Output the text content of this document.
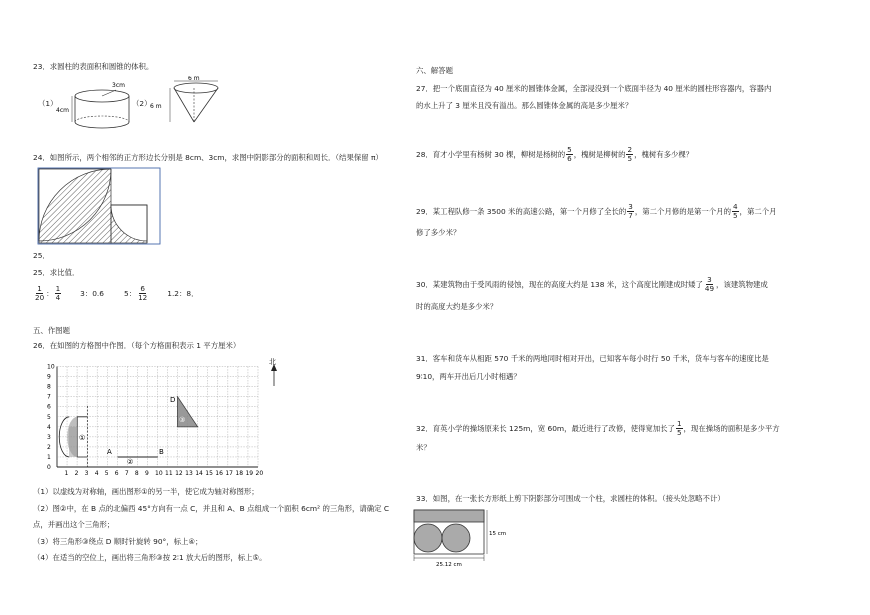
23．求圆柱的表面积和圆锥的体积。
（1）
3cm
4cm
（2）
6 m
6 m
24．如图所示，两个相邻的正方形边长分别是 8cm、3cm，求图中阴影部分的面积和周长．（结果保留 π）
25．
25．求比值．
$\frac{1}{20}$ ： $\frac{1}{4}$	3：0.6	5： $\frac{6}{12}$	1.2：8．
五、作图题
26．在如图的方格图中作图．（每个方格面积表示 1 平方厘米）
1 2 3 4 5 6 7 8 9 10 11 12 13 14 15 16 17 18 19 20
0
1
2
3
4
5
6
7
8
9
10
①
D
③
A	B
②
北
（1）以虚线为对称轴，画出图形①的另一半，使它成为轴对称图形；
（2）图②中，在 B 点的北偏西 45°方向有一点 C，并且和 A、B 点组成一个面积 6cm² 的三角形，请确定 C
点，并画出这个三角形；
（3）将三角形③绕点 D 顺时针旋转 90°，标上④；
（4）在适当的空位上，画出将三角形③按 2∶1 放大后的图形，标上⑤。
六、解答题
27．把一个底面直径为 40 厘米的圆锥体金属，全部浸没到一个底面半径为 40 厘米的圆柱形容器内，容器内
的水上升了 3 厘米且没有溢出。那么圆锥体金属的高是多少厘米？
28．育才小学里有杨树 30 棵，柳树是杨树的 $\frac{5}{6}$ ，槐树是柳树的 $\frac{2}{5}$ ，槐树有多少棵？
29．某工程队修一条 3500 米的高速公路，第一个月修了全长的 $\frac{3}{7}$ ，第二个月修的是第一个月的 $\frac{4}{5}$ ，第二个月
修了多少米？
30．某建筑物由于受风雨的侵蚀，现在的高度大约是 138 米，这个高度比刚建成时矮了 $\frac{3}{49}$ ，该建筑物建成
时的高度大约是多少米？
31．客车和货车从相距 570 千米的两地同时相对开出，已知客车每小时行 50 千米，货车与客车的速度比是
9∶10，两车开出后几小时相遇？
32．育英小学的操场原来长 125m，宽 60m，最近进行了改修，使得宽加长了 $\frac{1}{5}$ ，现在操场的面积是多少平方
米？
33．如图，在一张长方形纸上剪下阴影部分可围成一个柱，求圆柱的体积。（接头处忽略不计）
15 cm
25.12 cm
